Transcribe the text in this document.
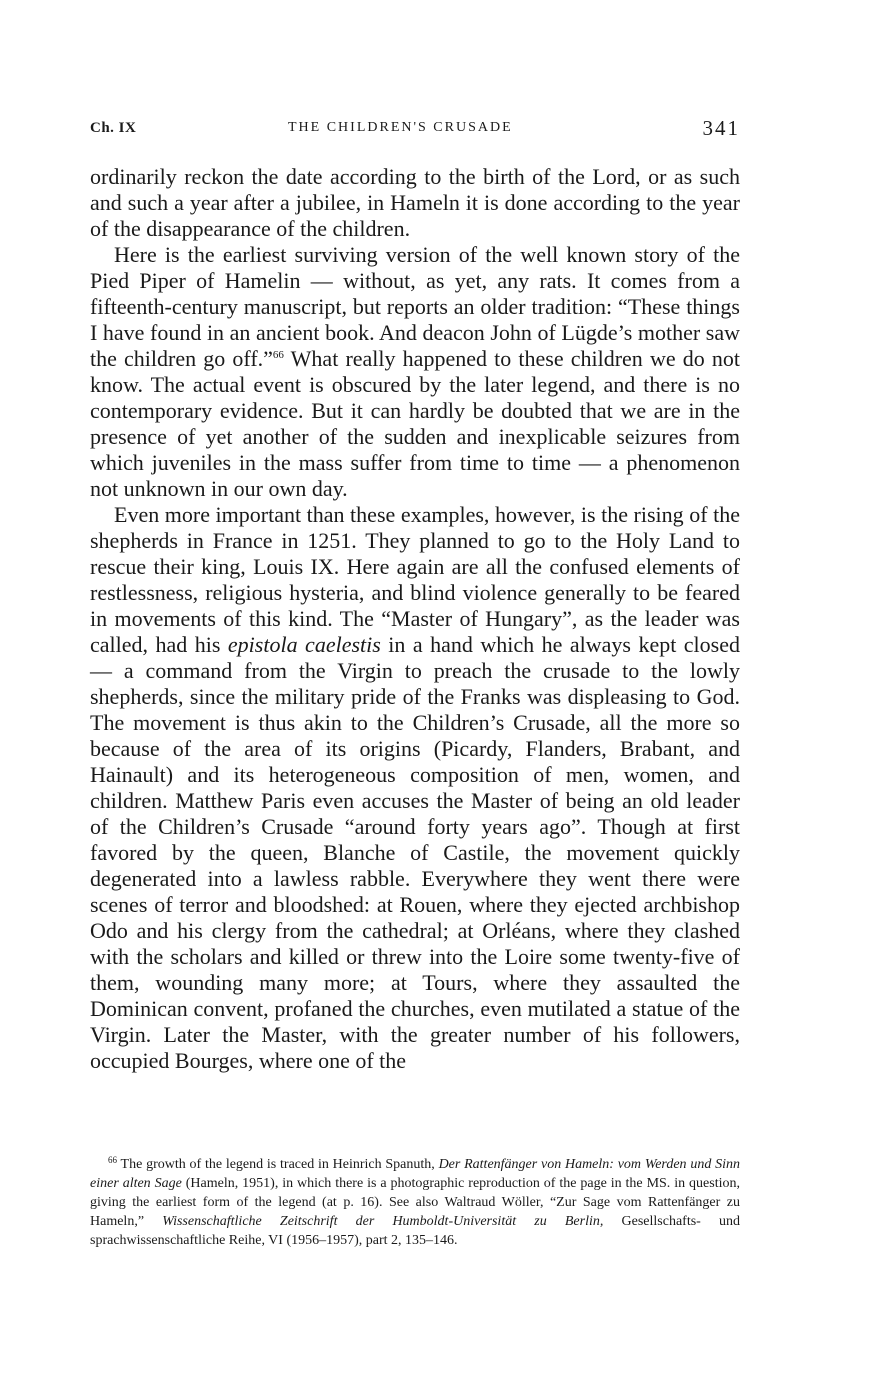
Ch. IX	THE CHILDREN'S CRUSADE	341

ordinarily reckon the date according to the birth of the Lord, or as such and such a year after a jubilee, in Hameln it is done according to the year of the disappearance of the children.

Here is the earliest surviving version of the well known story of the Pied Piper of Hamelin — without, as yet, any rats. It comes from a fifteenth-century manuscript, but reports an older tradition: “These things I have found in an ancient book. And deacon John of Lügde’s mother saw the children go off.”$^{66}$ What really happened to these children we do not know. The actual event is obscured by the later legend, and there is no contemporary evidence. But it can hardly be doubted that we are in the presence of yet another of the sudden and inexplicable seizures from which juveniles in the mass suffer from time to time — a phenomenon not unknown in our own day.

Even more important than these examples, however, is the rising of the shepherds in France in 1251. They planned to go to the Holy Land to rescue their king, Louis IX. Here again are all the confused elements of restlessness, religious hysteria, and blind violence generally to be feared in movements of this kind. The “Master of Hungary”, as the leader was called, had his epistola caelestis in a hand which he always kept closed — a command from the Virgin to preach the crusade to the lowly shepherds, since the military pride of the Franks was displeasing to God. The movement is thus akin to the Children’s Crusade, all the more so because of the area of its origins (Picardy, Flanders, Brabant, and Hainault) and its heterogeneous composition of men, women, and children. Matthew Paris even accuses the Master of being an old leader of the Children’s Crusade “around forty years ago”. Though at first favored by the queen, Blanche of Castile, the movement quickly degenerated into a lawless rabble. Everywhere they went there were scenes of terror and bloodshed: at Rouen, where they ejected archbishop Odo and his clergy from the cathedral; at Orléans, where they clashed with the scholars and killed or threw into the Loire some twenty-five of them, wounding many more; at Tours, where they assaulted the Dominican convent, profaned the churches, even mutilated a statue of the Virgin. Later the Master, with the greater number of his followers, occupied Bourges, where one of the

$^{66}$ The growth of the legend is traced in Heinrich Spanuth, Der Rattenfänger von Hameln: vom Werden und Sinn einer alten Sage (Hameln, 1951), in which there is a photographic reproduction of the page in the MS. in question, giving the earliest form of the legend (at p. 16). See also Waltraud Wöller, “Zur Sage vom Rattenfänger zu Hameln,” Wissenschaftliche Zeitschrift der Humboldt-Universität zu Berlin, Gesellschafts- und sprachwissenschaftliche Reihe, VI (1956–1957), part 2, 135–146.
